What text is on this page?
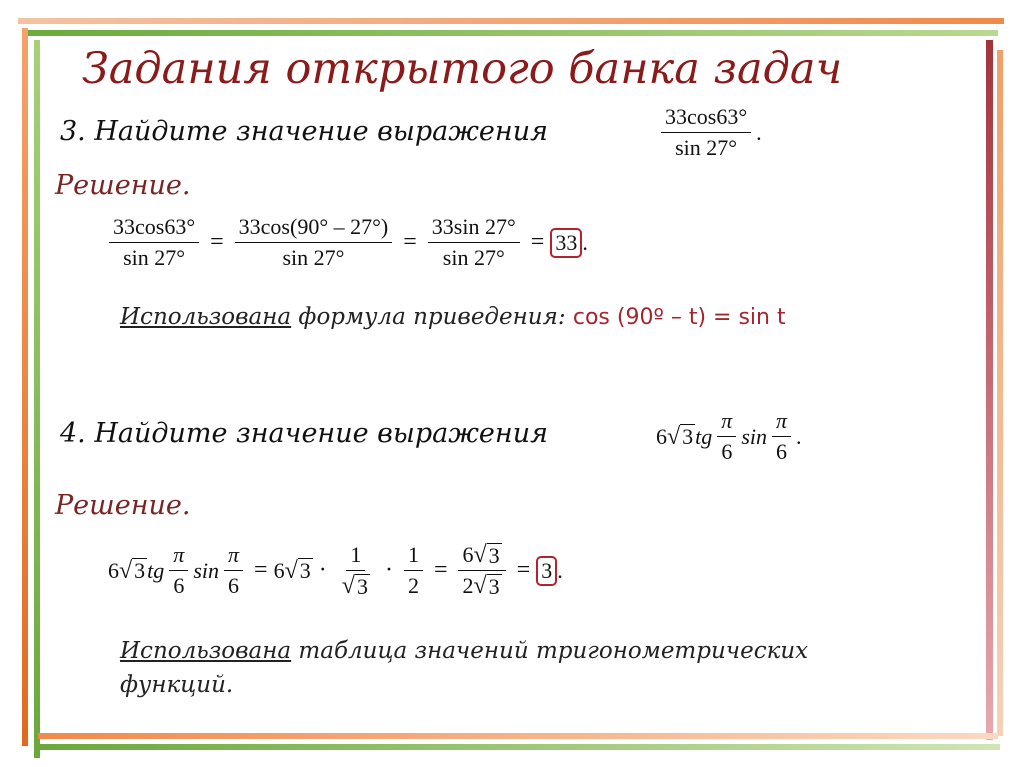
Задания открытого банка задач
3. Найдите значение выражения	$\frac{33\cos 63^\circ}{\sin 27^\circ}$ .
Решение.
$\frac{33\cos 63^\circ}{\sin 27^\circ} = \frac{33\cos(90^\circ - 27^\circ)}{\sin 27^\circ} = \frac{33\sin 27^\circ}{\sin 27^\circ} = 33$ .
Использована формула приведения: cos (90º – t) = sin t
4. Найдите значение выражения	6 √ 3 tg $\frac{\pi}{6}$ $\sin \frac{\pi}{6}$ .
Решение.
6 √ 3 tg $\frac{\pi}{6}$ $\sin \frac{\pi}{6} = 6$ √ $3 \cdot \frac{1}{√ 3} \cdot \frac{1}{2} = \frac{6 √ 3}{2 √ 3} = 3$ .
Использована таблица значений тригонометрических
функций.
